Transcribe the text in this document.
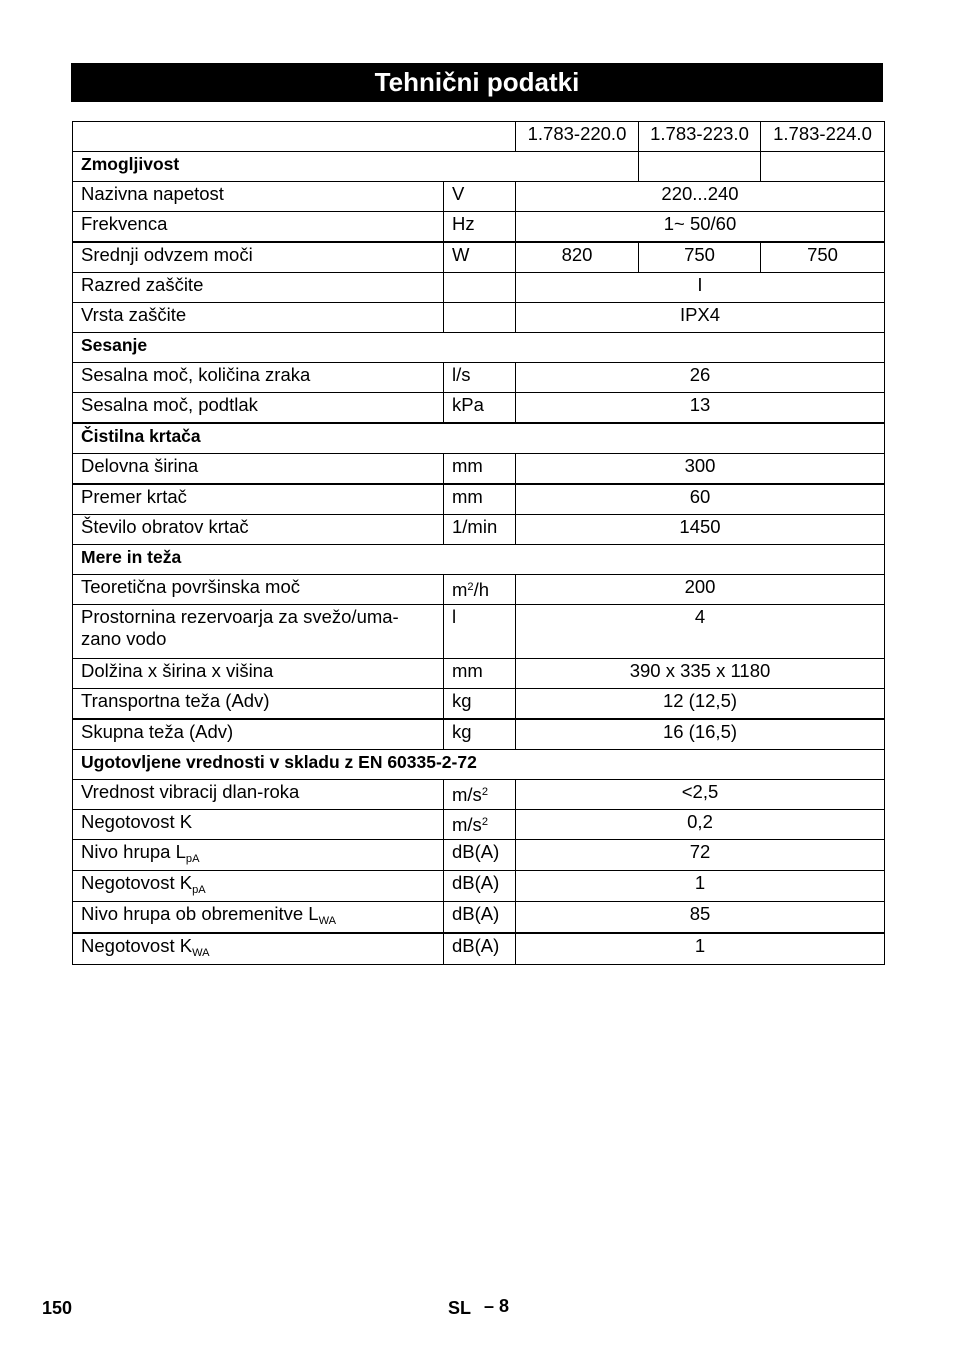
Tehnični podatki
		1.783-220.0	1.783-223.0	1.783-224.0
Zmogljivost				
Nazivna napetost	V	220...240		
Frekvenca	Hz	1~ 50/60		
Srednji odvzem moči	W	820	750	750
Razred zaščite		I		
Vrsta zaščite		IPX4		
Sesanje				
Sesalna moč, količina zraka	l/s	26		
Sesalna moč, podtlak	kPa	13		
Čistilna krtača				
Delovna širina	mm	300		
Premer krtač	mm	60		
Število obratov krtač	1/min	1450		
Mere in teža				
Teoretična površinska moč	$m^2/h$	200		
Prostornina rezervoarja za svežo/uma-zano vodo	l	4		
Dolžina x širina x višina	mm	390 x 335 x 1180		
Transportna teža (Adv)	kg	12 (12,5)		
Skupna teža (Adv)	kg	16 (16,5)		
Ugotovljene vrednosti v skladu z EN 60335-2-72				
Vrednost vibracij dlan-roka	$m/s^2$	<2,5		
Negotovost K	$m/s^2$	0,2		
Nivo hrupa $L_{pA}$	dB(A)	72		
Negotovost $K_{pA}$	dB(A)	1		
Nivo hrupa ob obremenitve $L_{WA}$	dB(A)	85		
Negotovost $K_{WA}$	dB(A)	1		
150	SL – 8
